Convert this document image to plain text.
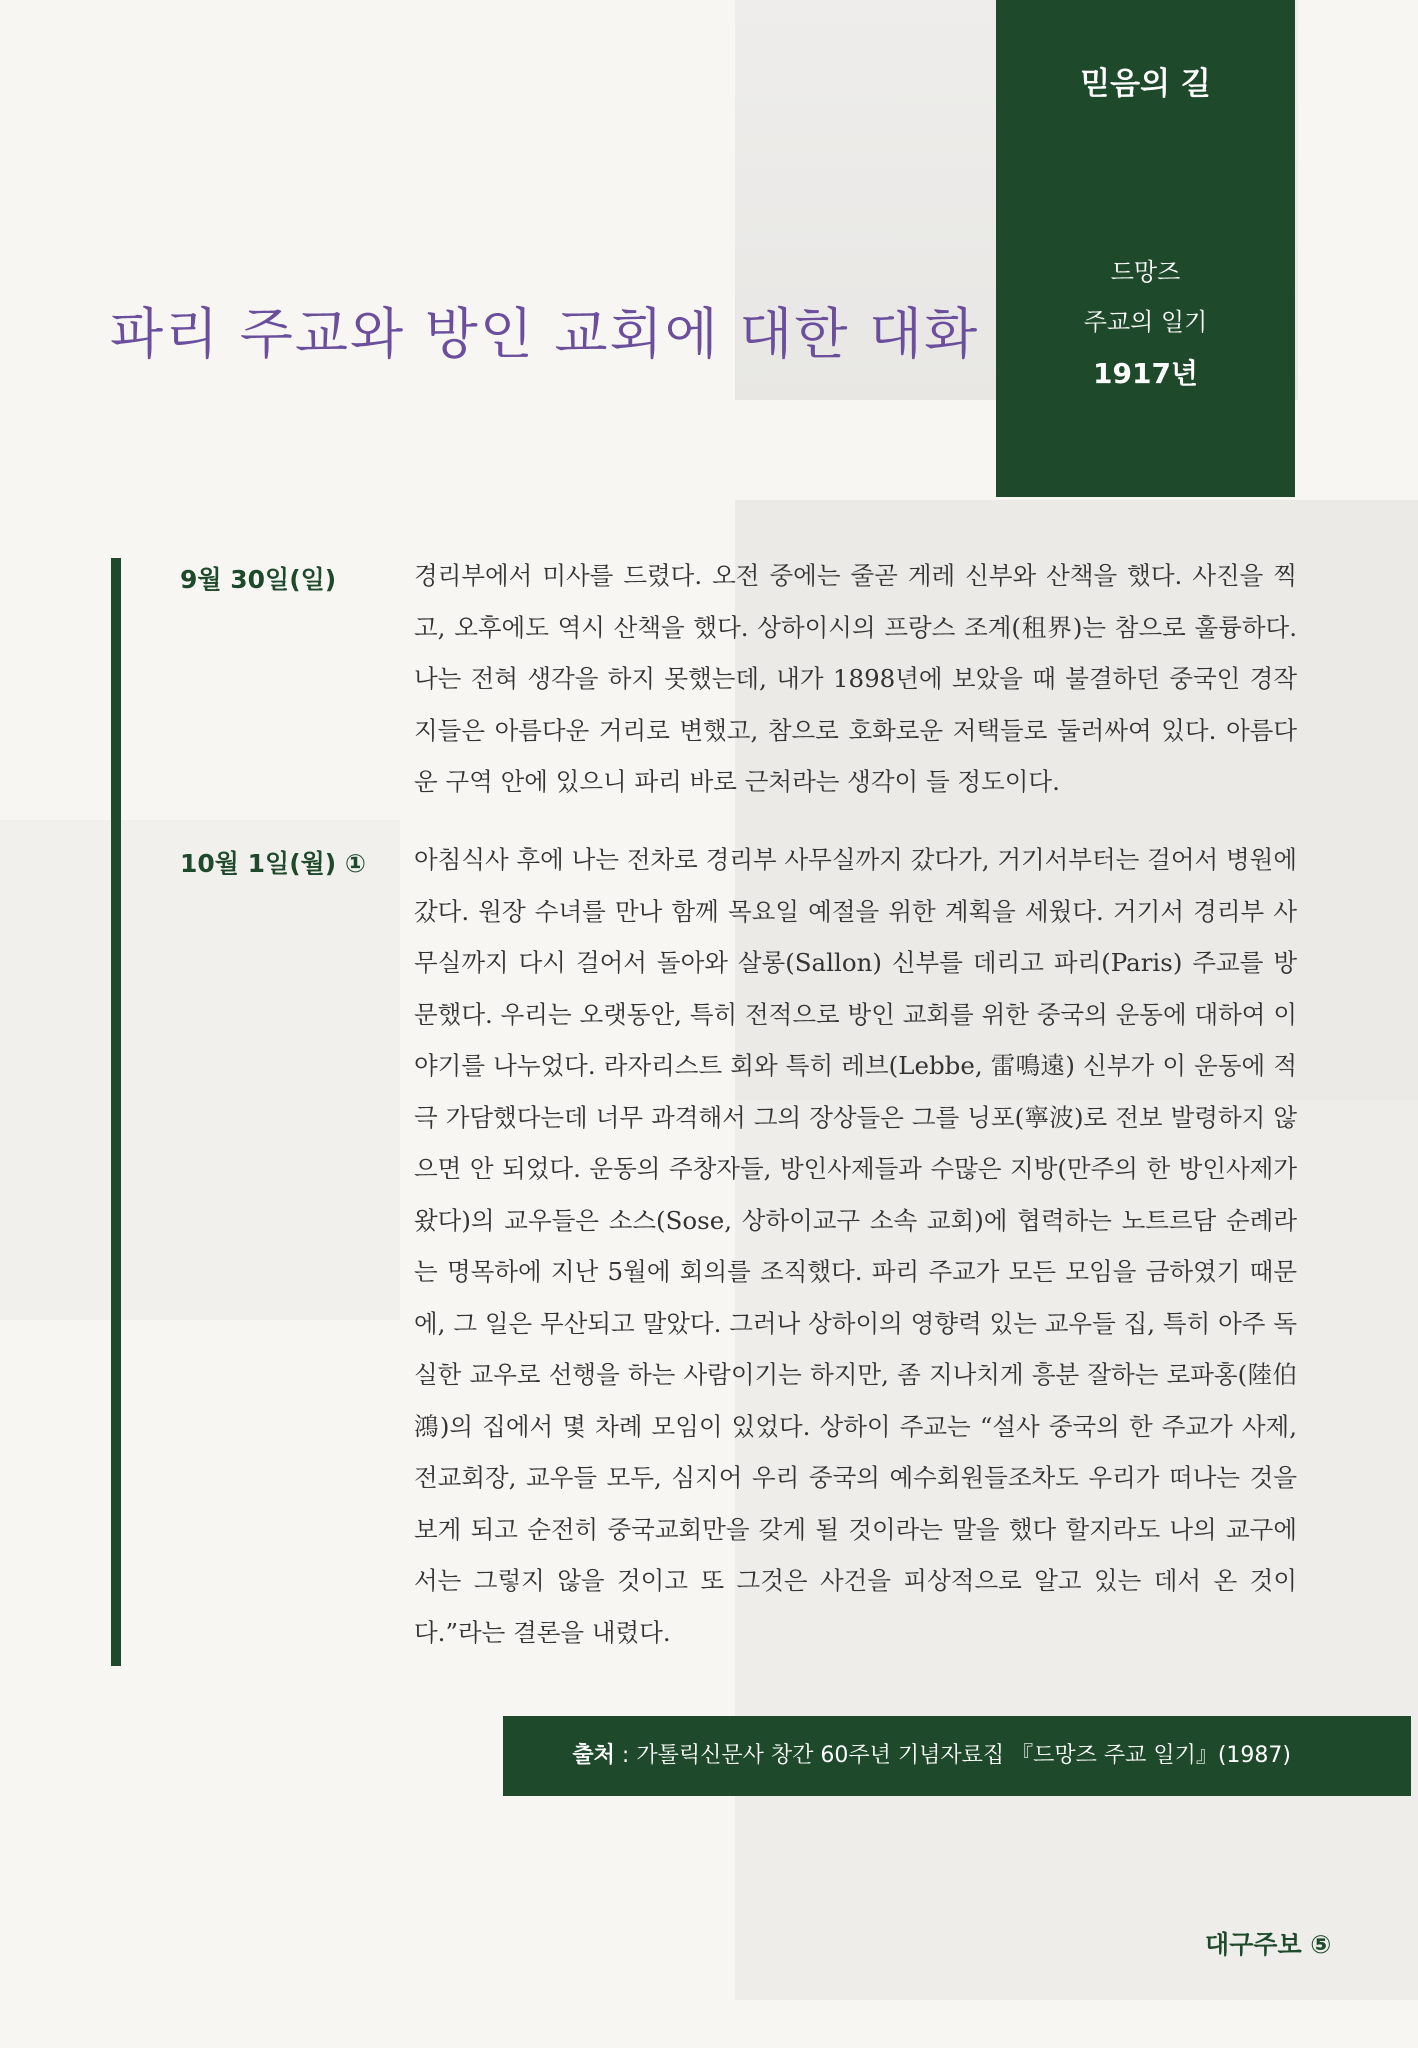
믿음의 길
드망즈
주교의 일기
1917년
파리 주교와 방인 교회에 대한 대화
9월 30일(일)	경리부에서 미사를 드렸다. 오전 중에는 줄곧 게레 신부와 산책을 했다. 사진을 찍고, 오후에도 역시 산책을 했다. 상하이시의 프랑스 조계(租界)는 참으로 훌륭하다. 나는 전혀 생각을 하지 못했는데, 내가 1898년에 보았을 때 불결하던 중국인 경작지들은 아름다운 거리로 변했고, 참으로 호화로운 저택들로 둘러싸여 있다. 아름다운 구역 안에 있으니 파리 바로 근처라는 생각이 들 정도이다.

10월 1일(월) ① 아침식사 후에 나는 전차로 경리부 사무실까지 갔다가, 거기서부터는 걸어서 병원에 갔다. 원장 수녀를 만나 함께 목요일 예절을 위한 계획을 세웠다. 거기서 경리부 사무실까지 다시 걸어서 돌아와 살롱(Sallon) 신부를 데리고 파리(Paris) 주교를 방문했다. 우리는 오랫동안, 특히 전적으로 방인 교회를 위한 중국의 운동에 대하여 이야기를 나누었다. 라자리스트 회와 특히 레브(Lebbe, 雷鳴遠) 신부가 이 운동에 적극 가담했다는데 너무 과격해서 그의 장상들은 그를 닝포(寧波)로 전보 발령하지 않으면 안 되었다. 운동의 주창자들, 방인사제들과 수많은 지방(만주의 한 방인사제가 왔다)의 교우들은 소스(Sose, 상하이교구 소속 교회)에 협력하는 노트르담 순례라는 명목하에 지난 5월에 회의를 조직했다. 파리 주교가 모든 모임을 금하였기 때문에, 그 일은 무산되고 말았다. 그러나 상하이의 영향력 있는 교우들 집, 특히 아주 독실한 교우로 선행을 하는 사람이기는 하지만, 좀 지나치게 흥분 잘하는 로파홍(陸伯鴻)의 집에서 몇 차례 모임이 있었다. 상하이 주교는 “설사 중국의 한 주교가 사제, 전교회장, 교우들 모두, 심지어 우리 중국의 예수회원들조차도 우리가 떠나는 것을 보게 되고 순전히 중국교회만을 갖게 될 것이라는 말을 했다 할지라도 나의 교구에서는 그렇지 않을 것이고 또 그것은 사건을 피상적으로 알고 있는 데서 온 것이다.”라는 결론을 내렸다.

출처 : 가톨릭신문사 창간 60주년 기념자료집 『드망즈 주교 일기』(1987)
대구주보 ⑤
